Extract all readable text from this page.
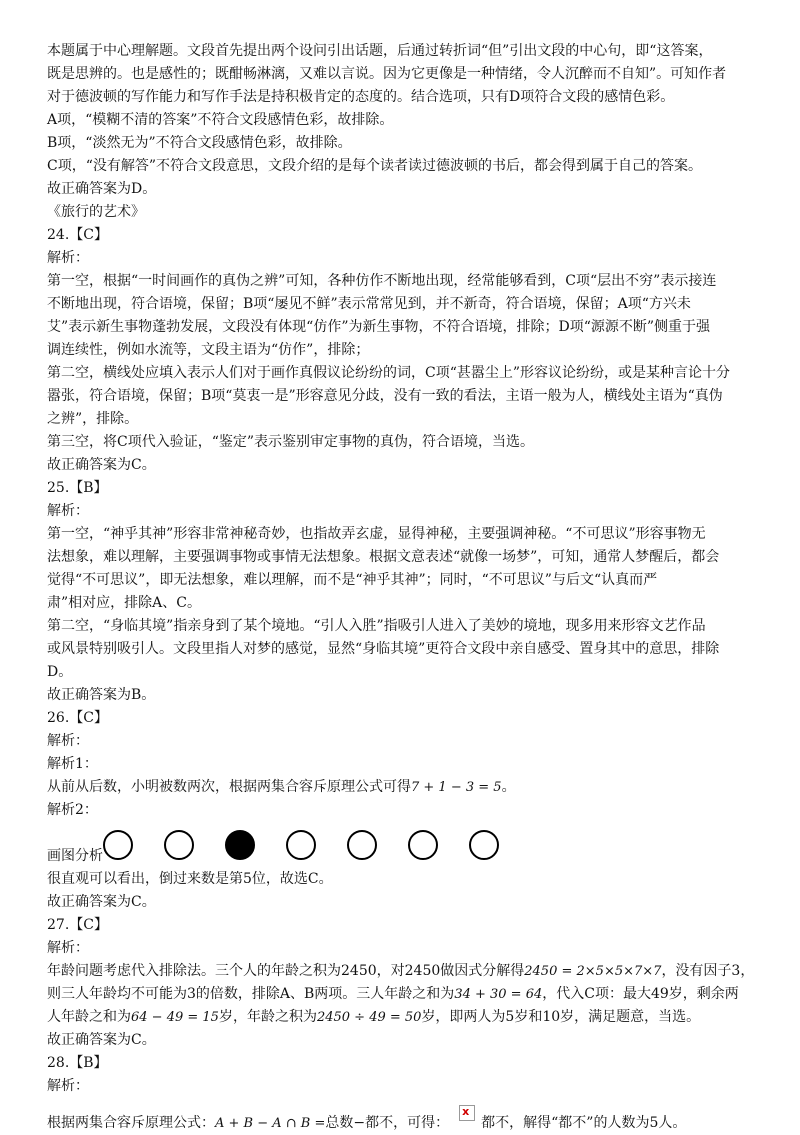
本题属于中心理解题。文段首先提出两个设问引出话题，后通过转折词“但”引出文段的中心句，即“这答案，

既是思辨的。也是感性的；既酣畅淋漓，又难以言说。因为它更像是一种情绪，令人沉醉而不自知”。可知作者

对于德波顿的写作能力和写作手法是持积极肯定的态度的。结合选项，只有D项符合文段的感情色彩。

A项，“模糊不清的答案”不符合文段感情色彩，故排除。

B项，“淡然无为”不符合文段感情色彩，故排除。

C项，“没有解答”不符合文段意思，文段介绍的是每个读者读过德波顿的书后，都会得到属于自己的答案。

故正确答案为D。

《旅行的艺术》

24.【C】

解析：

第一空，根据“一时间画作的真伪之辨”可知，各种仿作不断地出现，经常能够看到，C项“层出不穷”表示接连

不断地出现，符合语境，保留；B项“屡见不鲜”表示常常见到，并不新奇，符合语境，保留；A项“方兴未

艾”表示新生事物蓬勃发展，文段没有体现“仿作”为新生事物，不符合语境，排除；D项“源源不断”侧重于强

调连续性，例如水流等，文段主语为“仿作”，排除；

第二空，横线处应填入表示人们对于画作真假议论纷纷的词，C项“甚嚣尘上”形容议论纷纷，或是某种言论十分

嚣张，符合语境，保留；B项“莫衷一是”形容意见分歧，没有一致的看法，主语一般为人，横线处主语为“真伪

之辨”，排除。

第三空，将C项代入验证，“鉴定”表示鉴别审定事物的真伪，符合语境，当选。

故正确答案为C。

25.【B】

解析：

第一空，“神乎其神”形容非常神秘奇妙，也指故弄玄虚，显得神秘，主要强调神秘。“不可思议”形容事物无

法想象，难以理解，主要强调事物或事情无法想象。根据文意表述“就像一场梦”，可知，通常人梦醒后，都会

觉得“不可思议”，即无法想象，难以理解，而不是“神乎其神”；同时，“不可思议”与后文“认真而严

肃”相对应，排除A、C。

第二空，“身临其境”指亲身到了某个境地。“引人入胜”指吸引人进入了美妙的境地，现多用来形容文艺作品

或风景特别吸引人。文段里指人对梦的感觉，显然“身临其境”更符合文段中亲自感受、置身其中的意思，排除

D。

故正确答案为B。

26.【C】

解析：

解析1：

从前从后数，小明被数两次，根据两集合容斥原理公式可得7 + 1 − 3 = 5。

解析2：

画图分析

很直观可以看出，倒过来数是第5位，故选C。

故正确答案为C。

27.【C】

解析：

年龄问题考虑代入排除法。三个人的年龄之积为2450，对2450做因式分解得2450 = 2×5×5×7×7，没有因子3，

则三人年龄均不可能为3的倍数，排除A、B两项。三人年龄之和为34 + 30 = 64，代入C项：最大49岁，剩余两

人年龄之和为64 − 49 = 15岁，年龄之积为2450 ÷ 49 = 50岁，即两人为5岁和10岁，满足题意，当选。

故正确答案为C。

28.【B】

解析：

根据两集合容斥原理公式：A + B − A ∩ B =总数−都不，可得：
x
都不，解得“都不”的人数为5人。
